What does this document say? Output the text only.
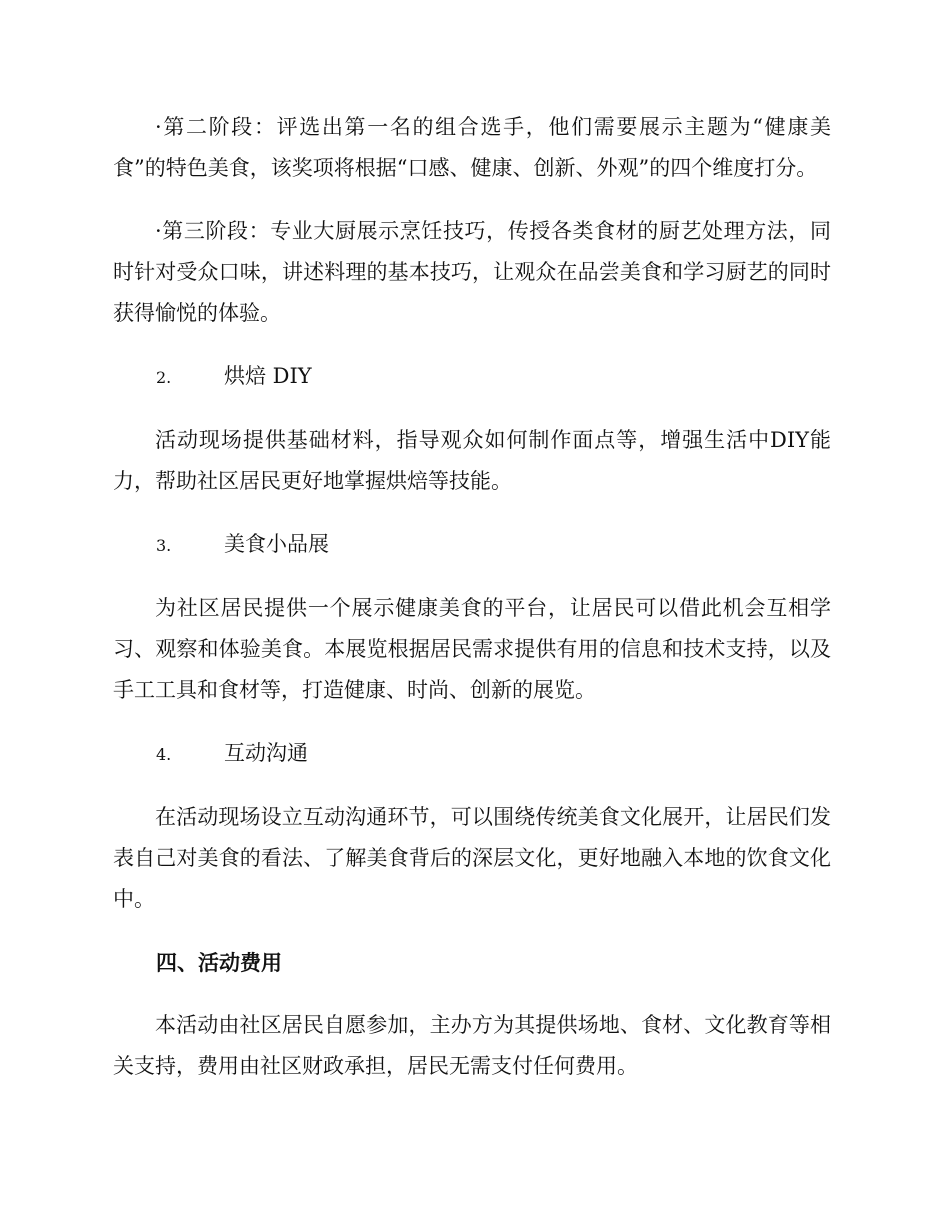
·第二阶段：评选出第一名的组合选手，他们需要展示主题为“健康美食”的特色美食，该奖项将根据“口感、健康、创新、外观”的四个维度打分。

·第三阶段：专业大厨展示烹饪技巧，传授各类食材的厨艺处理方法，同时针对受众口味，讲述料理的基本技巧，让观众在品尝美食和学习厨艺的同时获得愉悦的体验。

2.	烘焙 DIY

活动现场提供基础材料，指导观众如何制作面点等，增强生活中DIY能力，帮助社区居民更好地掌握烘焙等技能。

3.	美食小品展

为社区居民提供一个展示健康美食的平台，让居民可以借此机会互相学习、观察和体验美食。本展览根据居民需求提供有用的信息和技术支持，以及手工工具和食材等，打造健康、时尚、创新的展览。

4.	互动沟通

在活动现场设立互动沟通环节，可以围绕传统美食文化展开，让居民们发表自己对美食的看法、了解美食背后的深层文化，更好地融入本地的饮食文化中。

四、活动费用

本活动由社区居民自愿参加，主办方为其提供场地、食材、文化教育等相关支持，费用由社区财政承担，居民无需支付任何费用。
